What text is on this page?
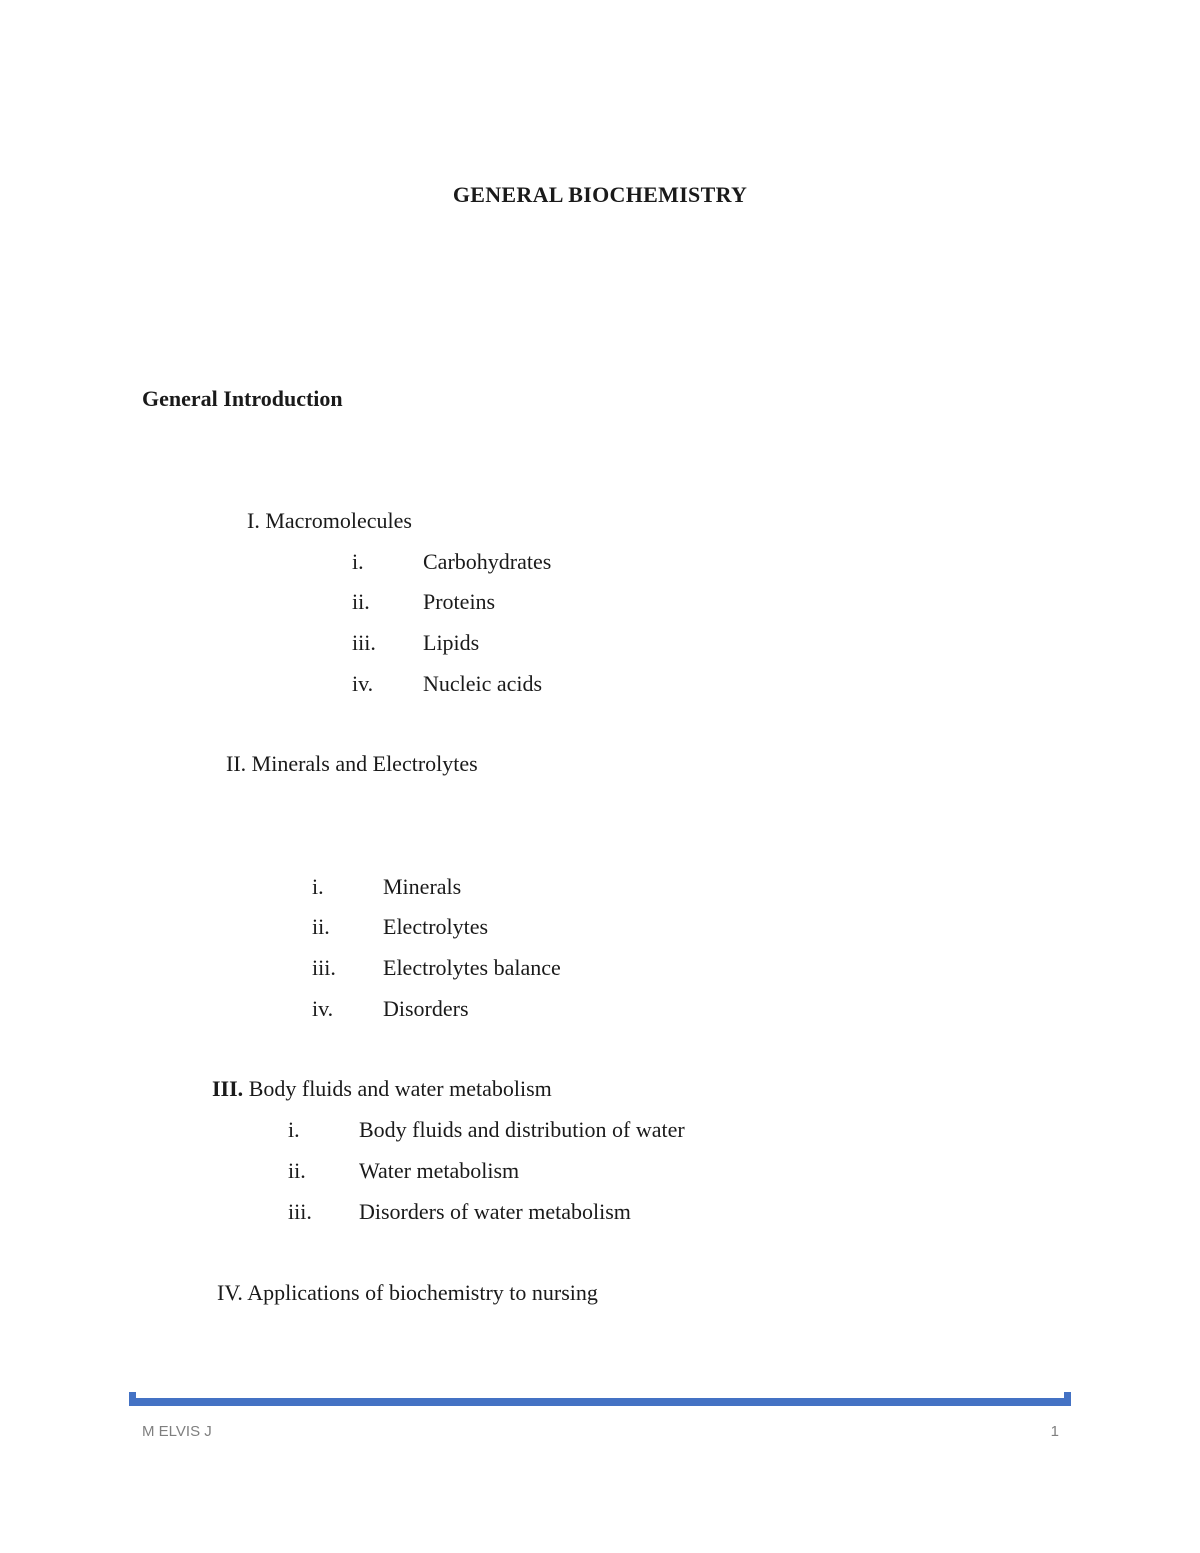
GENERAL BIOCHEMISTRY
General Introduction
I. Macromolecules
i.	Carbohydrates
ii. Proteins
iii. Lipids
iv. Nucleic acids
II. Minerals and Electrolytes
i.	Minerals
ii. Electrolytes
iii. Electrolytes balance
iv. Disorders
III. Body fluids and water metabolism
i.	Body fluids and distribution of water
ii. Water metabolism
iii. Disorders of water metabolism
IV. Applications of biochemistry to nursing
M ELVIS J	1
